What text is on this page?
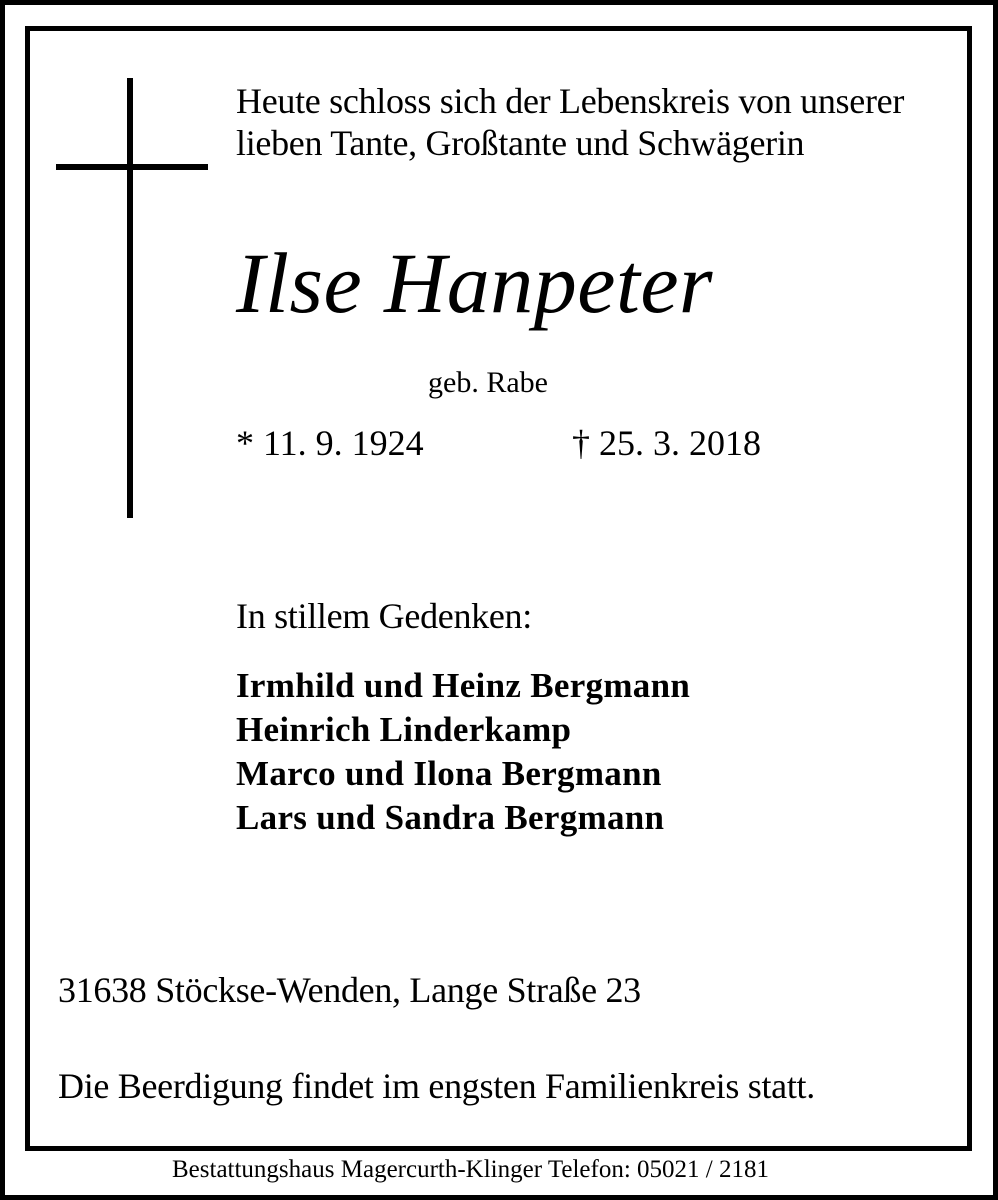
Heute schloss sich der Lebenskreis von unserer
lieben Tante, Großtante und Schwägerin
Ilse Hanpeter
geb. Rabe
* 11. 9. 1924	† 25. 3. 2018
In stillem Gedenken:
Irmhild und Heinz Bergmann
Heinrich Linderkamp
Marco und Ilona Bergmann
Lars und Sandra Bergmann
31638 Stöckse-Wenden, Lange Straße 23
Die Beerdigung findet im engsten Familienkreis statt.
Bestattungshaus Magercurth-Klinger Telefon: 05021 / 2181
